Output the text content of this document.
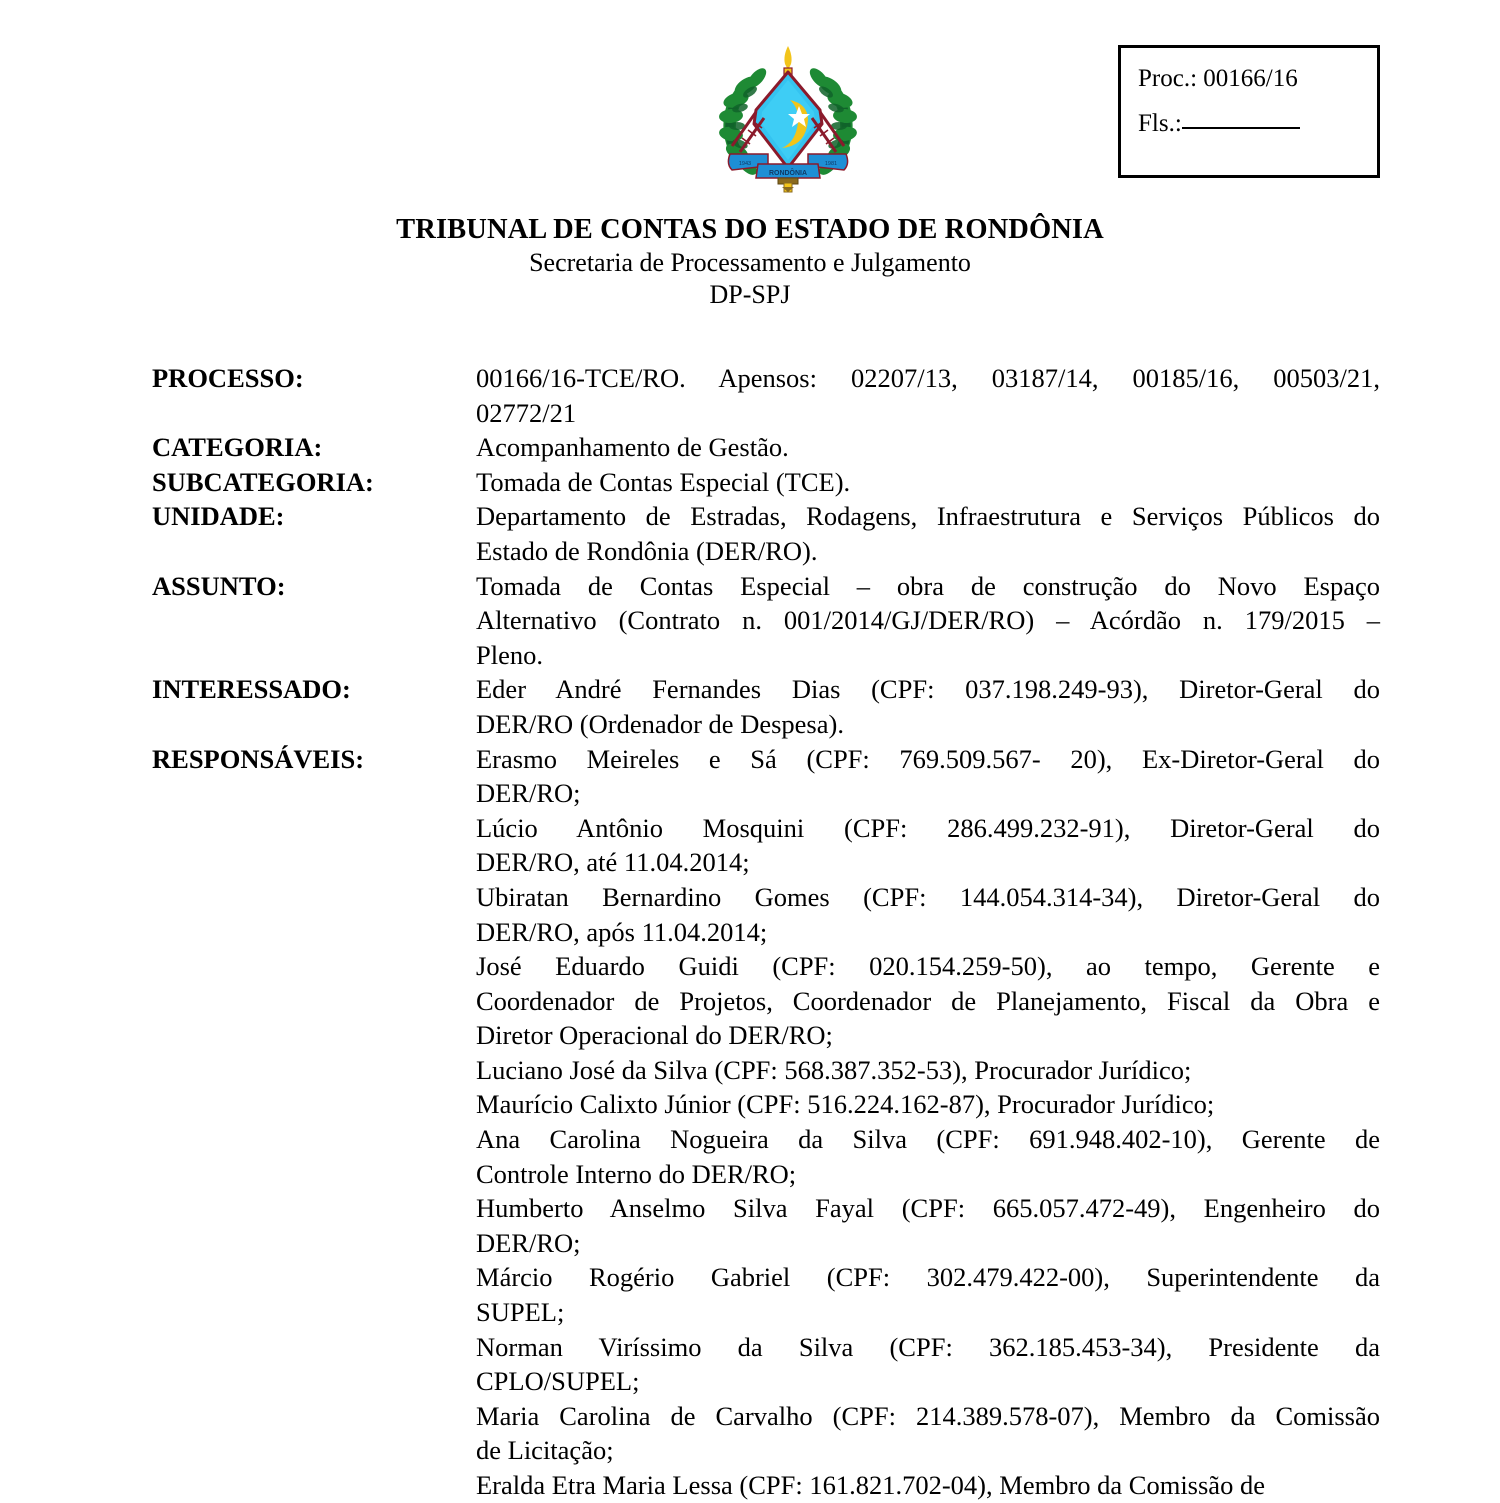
Proc.: 00166/16
Fls.:
RONDÔNIA
1943	1981
TRIBUNAL DE CONTAS DO ESTADO DE RONDÔNIA
Secretaria de Processamento e Julgamento
DP-SPJ
PROCESSO:	00166/16-TCE/RO. Apensos: 02207/13, 03187/14, 00185/16, 00503/21,
02772/21
CATEGORIA:	Acompanhamento de Gestão.
SUBCATEGORIA:	Tomada de Contas Especial (TCE).
UNIDADE:	Departamento de Estradas, Rodagens, Infraestrutura e Serviços Públicos do
Estado de Rondônia (DER/RO).
ASSUNTO:	Tomada de Contas Especial – obra de construção do Novo Espaço
Alternativo (Contrato n. 001/2014/GJ/DER/RO) – Acórdão n. 179/2015 –
Pleno.
INTERESSADO:	Eder André Fernandes Dias (CPF: 037.198.249-93), Diretor-Geral do
DER/RO (Ordenador de Despesa).
RESPONSÁVEIS:	Erasmo Meireles e Sá (CPF: 769.509.567- 20), Ex-Diretor-Geral do
DER/RO;
Lúcio Antônio Mosquini (CPF: 286.499.232-91), Diretor-Geral do
DER/RO, até 11.04.2014;
Ubiratan Bernardino Gomes (CPF: 144.054.314-34), Diretor-Geral do
DER/RO, após 11.04.2014;
José Eduardo Guidi (CPF: 020.154.259-50), ao tempo, Gerente e
Coordenador de Projetos, Coordenador de Planejamento, Fiscal da Obra e
Diretor Operacional do DER/RO;
Luciano José da Silva (CPF: 568.387.352-53), Procurador Jurídico;
Maurício Calixto Júnior (CPF: 516.224.162-87), Procurador Jurídico;
Ana Carolina Nogueira da Silva (CPF: 691.948.402-10), Gerente de
Controle Interno do DER/RO;
Humberto Anselmo Silva Fayal (CPF: 665.057.472-49), Engenheiro do
DER/RO;
Márcio Rogério Gabriel (CPF: 302.479.422-00), Superintendente da
SUPEL;
Norman Viríssimo da Silva (CPF: 362.185.453-34), Presidente da
CPLO/SUPEL;
Maria Carolina de Carvalho (CPF: 214.389.578-07), Membro da Comissão
de Licitação;
Eralda Etra Maria Lessa (CPF: 161.821.702-04), Membro da Comissão de
